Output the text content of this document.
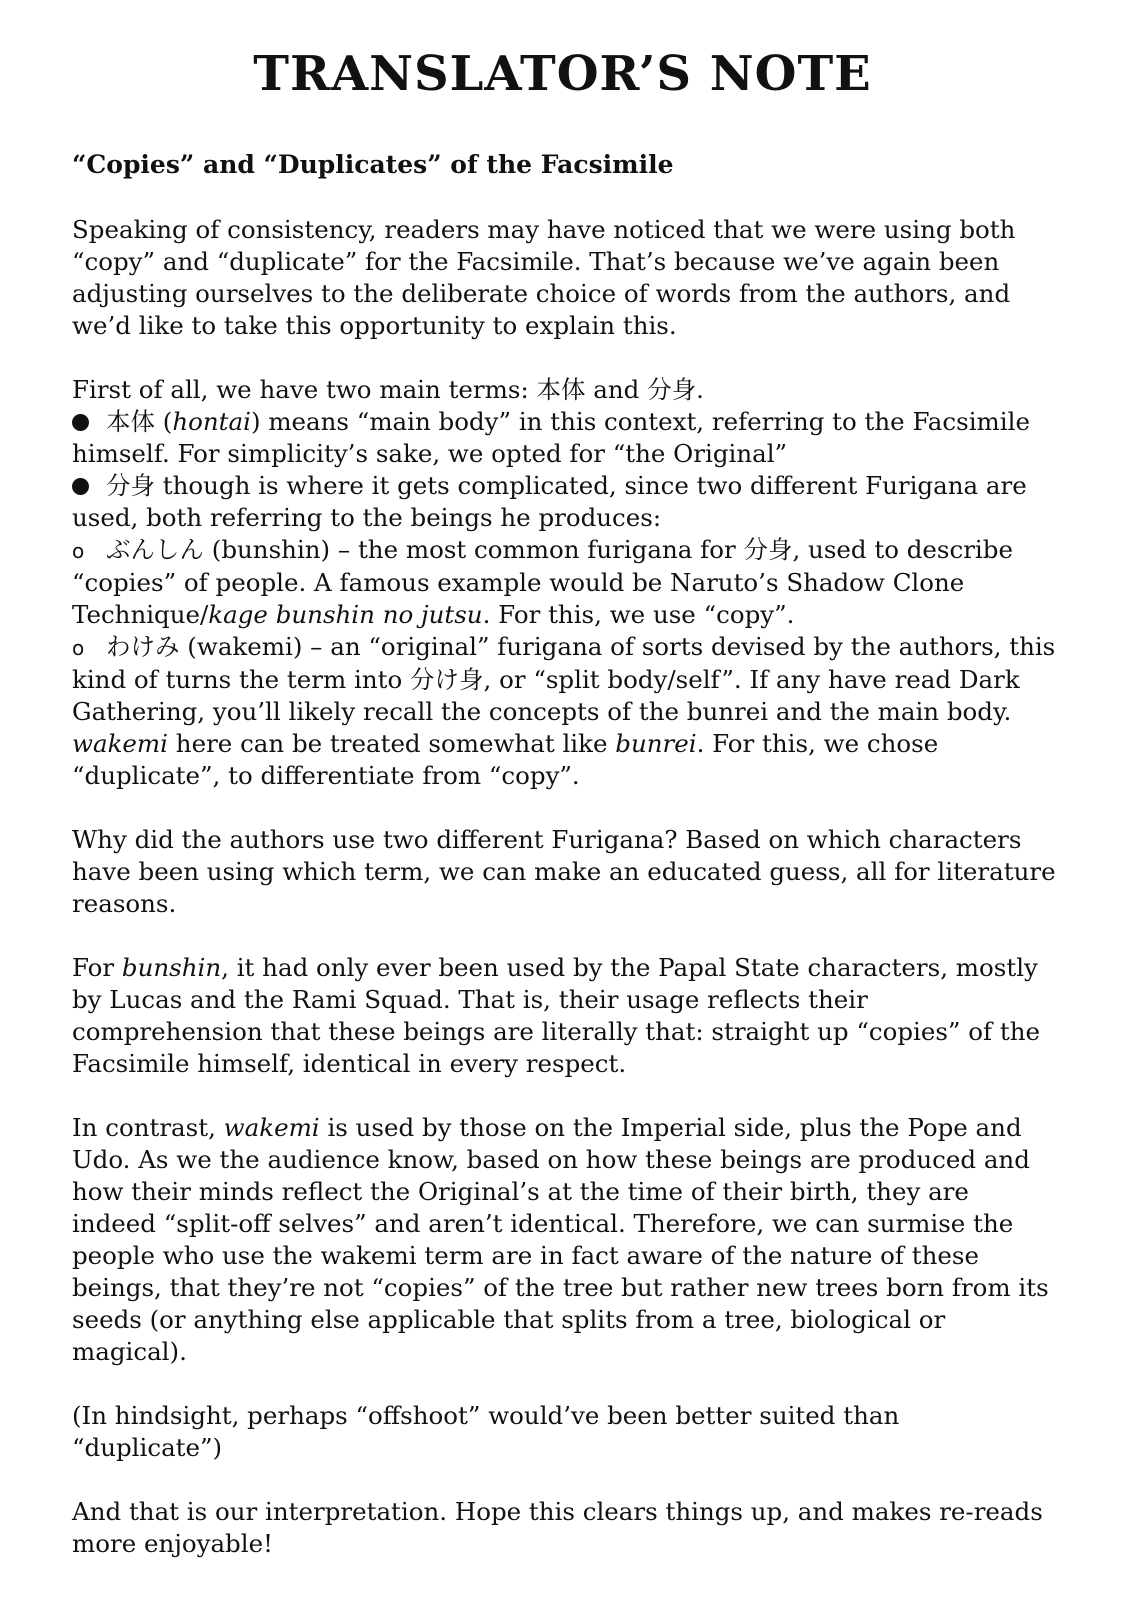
TRANSLATOR’S NOTE
“Copies” and “Duplicates” of the Facsimile

Speaking of consistency, readers may have noticed that we were using both “copy” and “duplicate” for the Facsimile. That’s because we’ve again been adjusting ourselves to the deliberate choice of words from the authors, and we’d like to take this opportunity to explain this.

First of all, we have two main terms: 本体 and 分身.

本体 (hontai) means “main body” in this context, referring to the Facsimile himself. For simplicity’s sake, we opted for “the Original”

分身 though is where it gets complicated, since two different Furigana are used, both referring to the beings he produces:

o ぶんしん (bunshin) – the most common furigana for 分身, used to describe “copies” of people. A famous example would be Naruto’s Shadow Clone Technique/kage bunshin no jutsu. For this, we use “copy”.

o わけみ (wakemi) – an “original” furigana of sorts devised by the authors, this kind of turns the term into 分け身, or “split body/self”. If any have read Dark Gathering, you’ll likely recall the concepts of the bunrei and the main body. wakemi here can be treated somewhat like bunrei. For this, we chose “duplicate”, to differentiate from “copy”.

Why did the authors use two different Furigana? Based on which characters have been using which term, we can make an educated guess, all for literature reasons.

For bunshin, it had only ever been used by the Papal State characters, mostly by Lucas and the Rami Squad. That is, their usage reflects their comprehension that these beings are literally that: straight up “copies” of the Facsimile himself, identical in every respect.

In contrast, wakemi is used by those on the Imperial side, plus the Pope and Udo. As we the audience know, based on how these beings are produced and how their minds reflect the Original’s at the time of their birth, they are indeed “split-off selves” and aren’t identical. Therefore, we can surmise the people who use the wakemi term are in fact aware of the nature of these beings, that they’re not “copies” of the tree but rather new trees born from its seeds (or anything else applicable that splits from a tree, biological or magical).

(In hindsight, perhaps “offshoot” would’ve been better suited than “duplicate”)

And that is our interpretation. Hope this clears things up, and makes re-reads more enjoyable!
